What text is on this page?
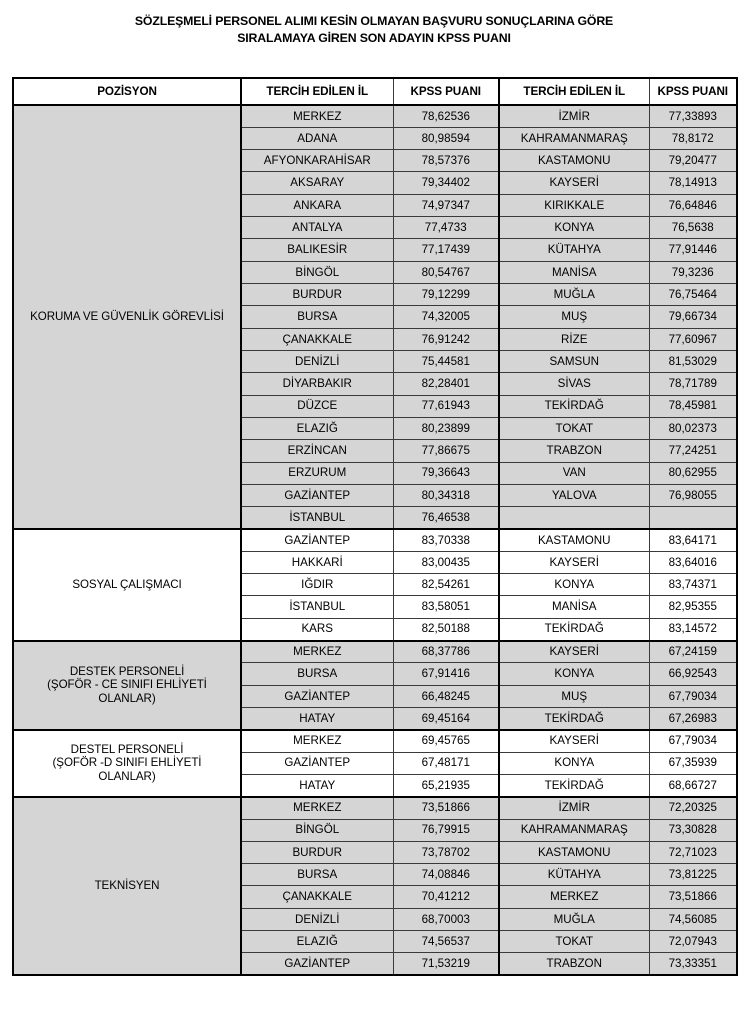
SÖZLEŞMELİ PERSONEL ALIMI KESİN OLMAYAN BAŞVURU SONUÇLARINA GÖRE
SIRALAMAYA GİREN SON ADAYIN KPSS PUANI
POZİSYON	TERCİH EDİLEN İL	KPSS PUANI	TERCİH EDİLEN İL	KPSS PUANI
KORUMA VE GÜVENLİK GÖREVLİSİ	MERKEZ	78,62536	İZMİR	77,33893
	ADANA	80,98594	KAHRAMANMARAŞ	78,8172
	AFYONKARAHİSAR	78,57376	KASTAMONU	79,20477
	AKSARAY	79,34402	KAYSERİ	78,14913
	ANKARA	74,97347	KIRIKKALE	76,64846
	ANTALYA	77,4733	KONYA	76,5638
	BALIKESİR	77,17439	KÜTAHYA	77,91446
	BİNGÖL	80,54767	MANİSA	79,3236
	BURDUR	79,12299	MUĞLA	76,75464
	BURSA	74,32005	MUŞ	79,66734
	ÇANAKKALE	76,91242	RİZE	77,60967
	DENİZLİ	75,44581	SAMSUN	81,53029
	DİYARBAKIR	82,28401	SİVAS	78,71789
	DÜZCE	77,61943	TEKİRDAĞ	78,45981
	ELAZIĞ	80,23899	TOKAT	80,02373
	ERZİNCAN	77,86675	TRABZON	77,24251
	ERZURUM	79,36643	VAN	80,62955
	GAZİANTEP	80,34318	YALOVA	76,98055
	İSTANBUL	76,46538		
SOSYAL ÇALIŞMACI	GAZİANTEP	83,70338	KASTAMONU	83,64171
	HAKKARİ	83,00435	KAYSERİ	83,64016
	IĞDIR	82,54261	KONYA	83,74371
	İSTANBUL	83,58051	MANİSA	82,95355
	KARS	82,50188	TEKİRDAĞ	83,14572
DESTEK PERSONELİ
(ŞOFÖR - CE SINIFI EHLİYETİ
OLANLAR)	MERKEZ	68,37786	KAYSERİ	67,24159
	BURSA	67,91416	KONYA	66,92543
	GAZİANTEP	66,48245	MUŞ	67,79034
	HATAY	69,45164	TEKİRDAĞ	67,26983
DESTEL PERSONELİ
(ŞOFÖR -D SINIFI EHLİYETİ
OLANLAR)	MERKEZ	69,45765	KAYSERİ	67,79034
	GAZİANTEP	67,48171	KONYA	67,35939
	HATAY	65,21935	TEKİRDAĞ	68,66727
TEKNİSYEN	MERKEZ	73,51866	İZMİR	72,20325
	BİNGÖL	76,79915	KAHRAMANMARAŞ	73,30828
	BURDUR	73,78702	KASTAMONU	72,71023
	BURSA	74,08846	KÜTAHYA	73,81225
	ÇANAKKALE	70,41212	MERKEZ	73,51866
	DENİZLİ	68,70003	MUĞLA	74,56085
	ELAZIĞ	74,56537	TOKAT	72,07943
	GAZİANTEP	71,53219	TRABZON	73,33351
